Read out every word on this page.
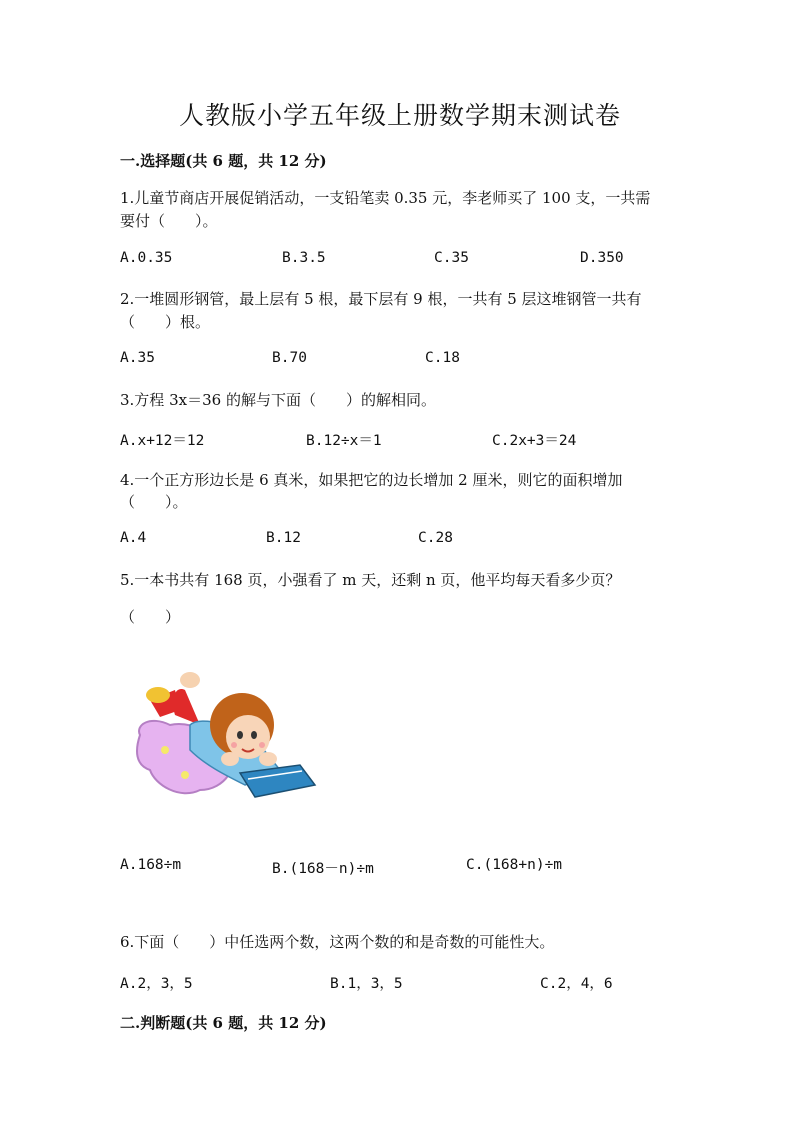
人教版小学五年级上册数学期末测试卷
一.选择题(共 6 题，共 12 分)
1.儿童节商店开展促销活动，一支铅笔卖 0.35 元，李老师买了 100 支，一共需
要付（　　）。
A.0.35	B.3.5	C.35	D.350
2.一堆圆形钢管，最上层有 5 根，最下层有 9 根，一共有 5 层这堆钢管一共有
（　　）根。
A.35	B.70	C.18
3.方程 3x＝36 的解与下面（　　）的解相同。
A.x+12＝12	B.12÷x＝1	C.2x+3＝24
4.一个正方形边长是 6 真米，如果把它的边长增加 2 厘米，则它的面积增加
（　　）。
A.4	B.12	C.28
5.一本书共有 168 页，小强看了 m 天，还剩 n 页，他平均每天看多少页？
（　　）
A.168÷m	B.(168－n)÷m	C.(168+n)÷m
6.下面（　　）中任选两个数，这两个数的和是奇数的可能性大。
A.2，3，5	B.1，3，5	C.2，4，6
二.判断题(共 6 题，共 12 分)
